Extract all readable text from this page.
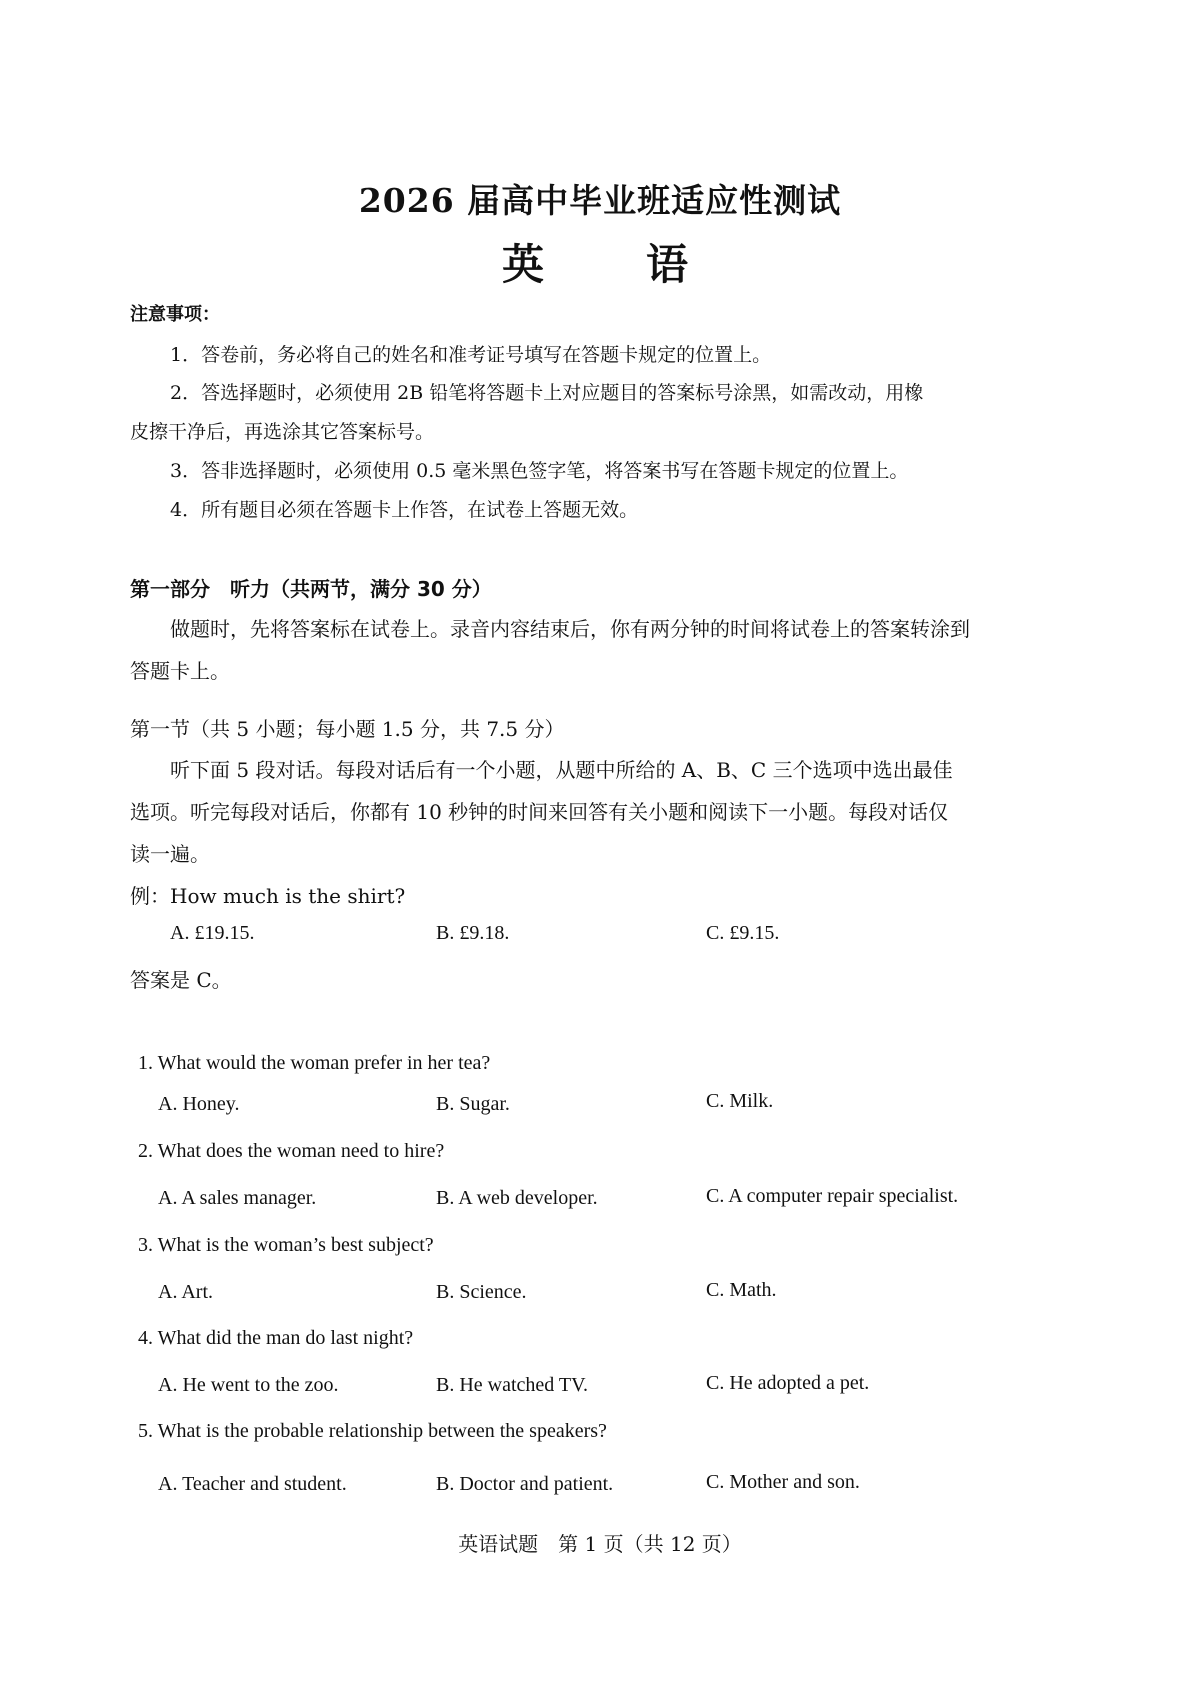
2026 届高中毕业班适应性测试
英　语
注意事项：
1．答卷前，务必将自己的姓名和准考证号填写在答题卡规定的位置上。
2．答选择题时，必须使用 2B 铅笔将答题卡上对应题目的答案标号涂黑，如需改动，用橡
皮擦干净后，再选涂其它答案标号。
3．答非选择题时，必须使用 0.5 毫米黑色签字笔，将答案书写在答题卡规定的位置上。
4．所有题目必须在答题卡上作答，在试卷上答题无效。
第一部分　听力（共两节，满分 30 分）
做题时，先将答案标在试卷上。录音内容结束后，你有两分钟的时间将试卷上的答案转涂到
答题卡上。
第一节（共 5 小题；每小题 1.5 分，共 7.5 分）
听下面 5 段对话。每段对话后有一个小题，从题中所给的 A、B、C 三个选项中选出最佳
选项。听完每段对话后，你都有 10 秒钟的时间来回答有关小题和阅读下一小题。每段对话仅
读一遍。
例：How much is the shirt?
A. £19.15.	B. £9.18.	C. £9.15.
答案是 C。
1. What would the woman prefer in her tea?
A. Honey.	B. Sugar.	C. Milk.
2. What does the woman need to hire?
A. A sales manager.	B. A web developer.	C. A computer repair specialist.
3. What is the woman’s best subject?
A. Art.	B. Science.	C. Math.
4. What did the man do last night?
A. He went to the zoo.	B. He watched TV.	C. He adopted a pet.
5. What is the probable relationship between the speakers?
A. Teacher and student.	B. Doctor and patient.	C. Mother and son.
英语试题　第 1 页（共 12 页）
